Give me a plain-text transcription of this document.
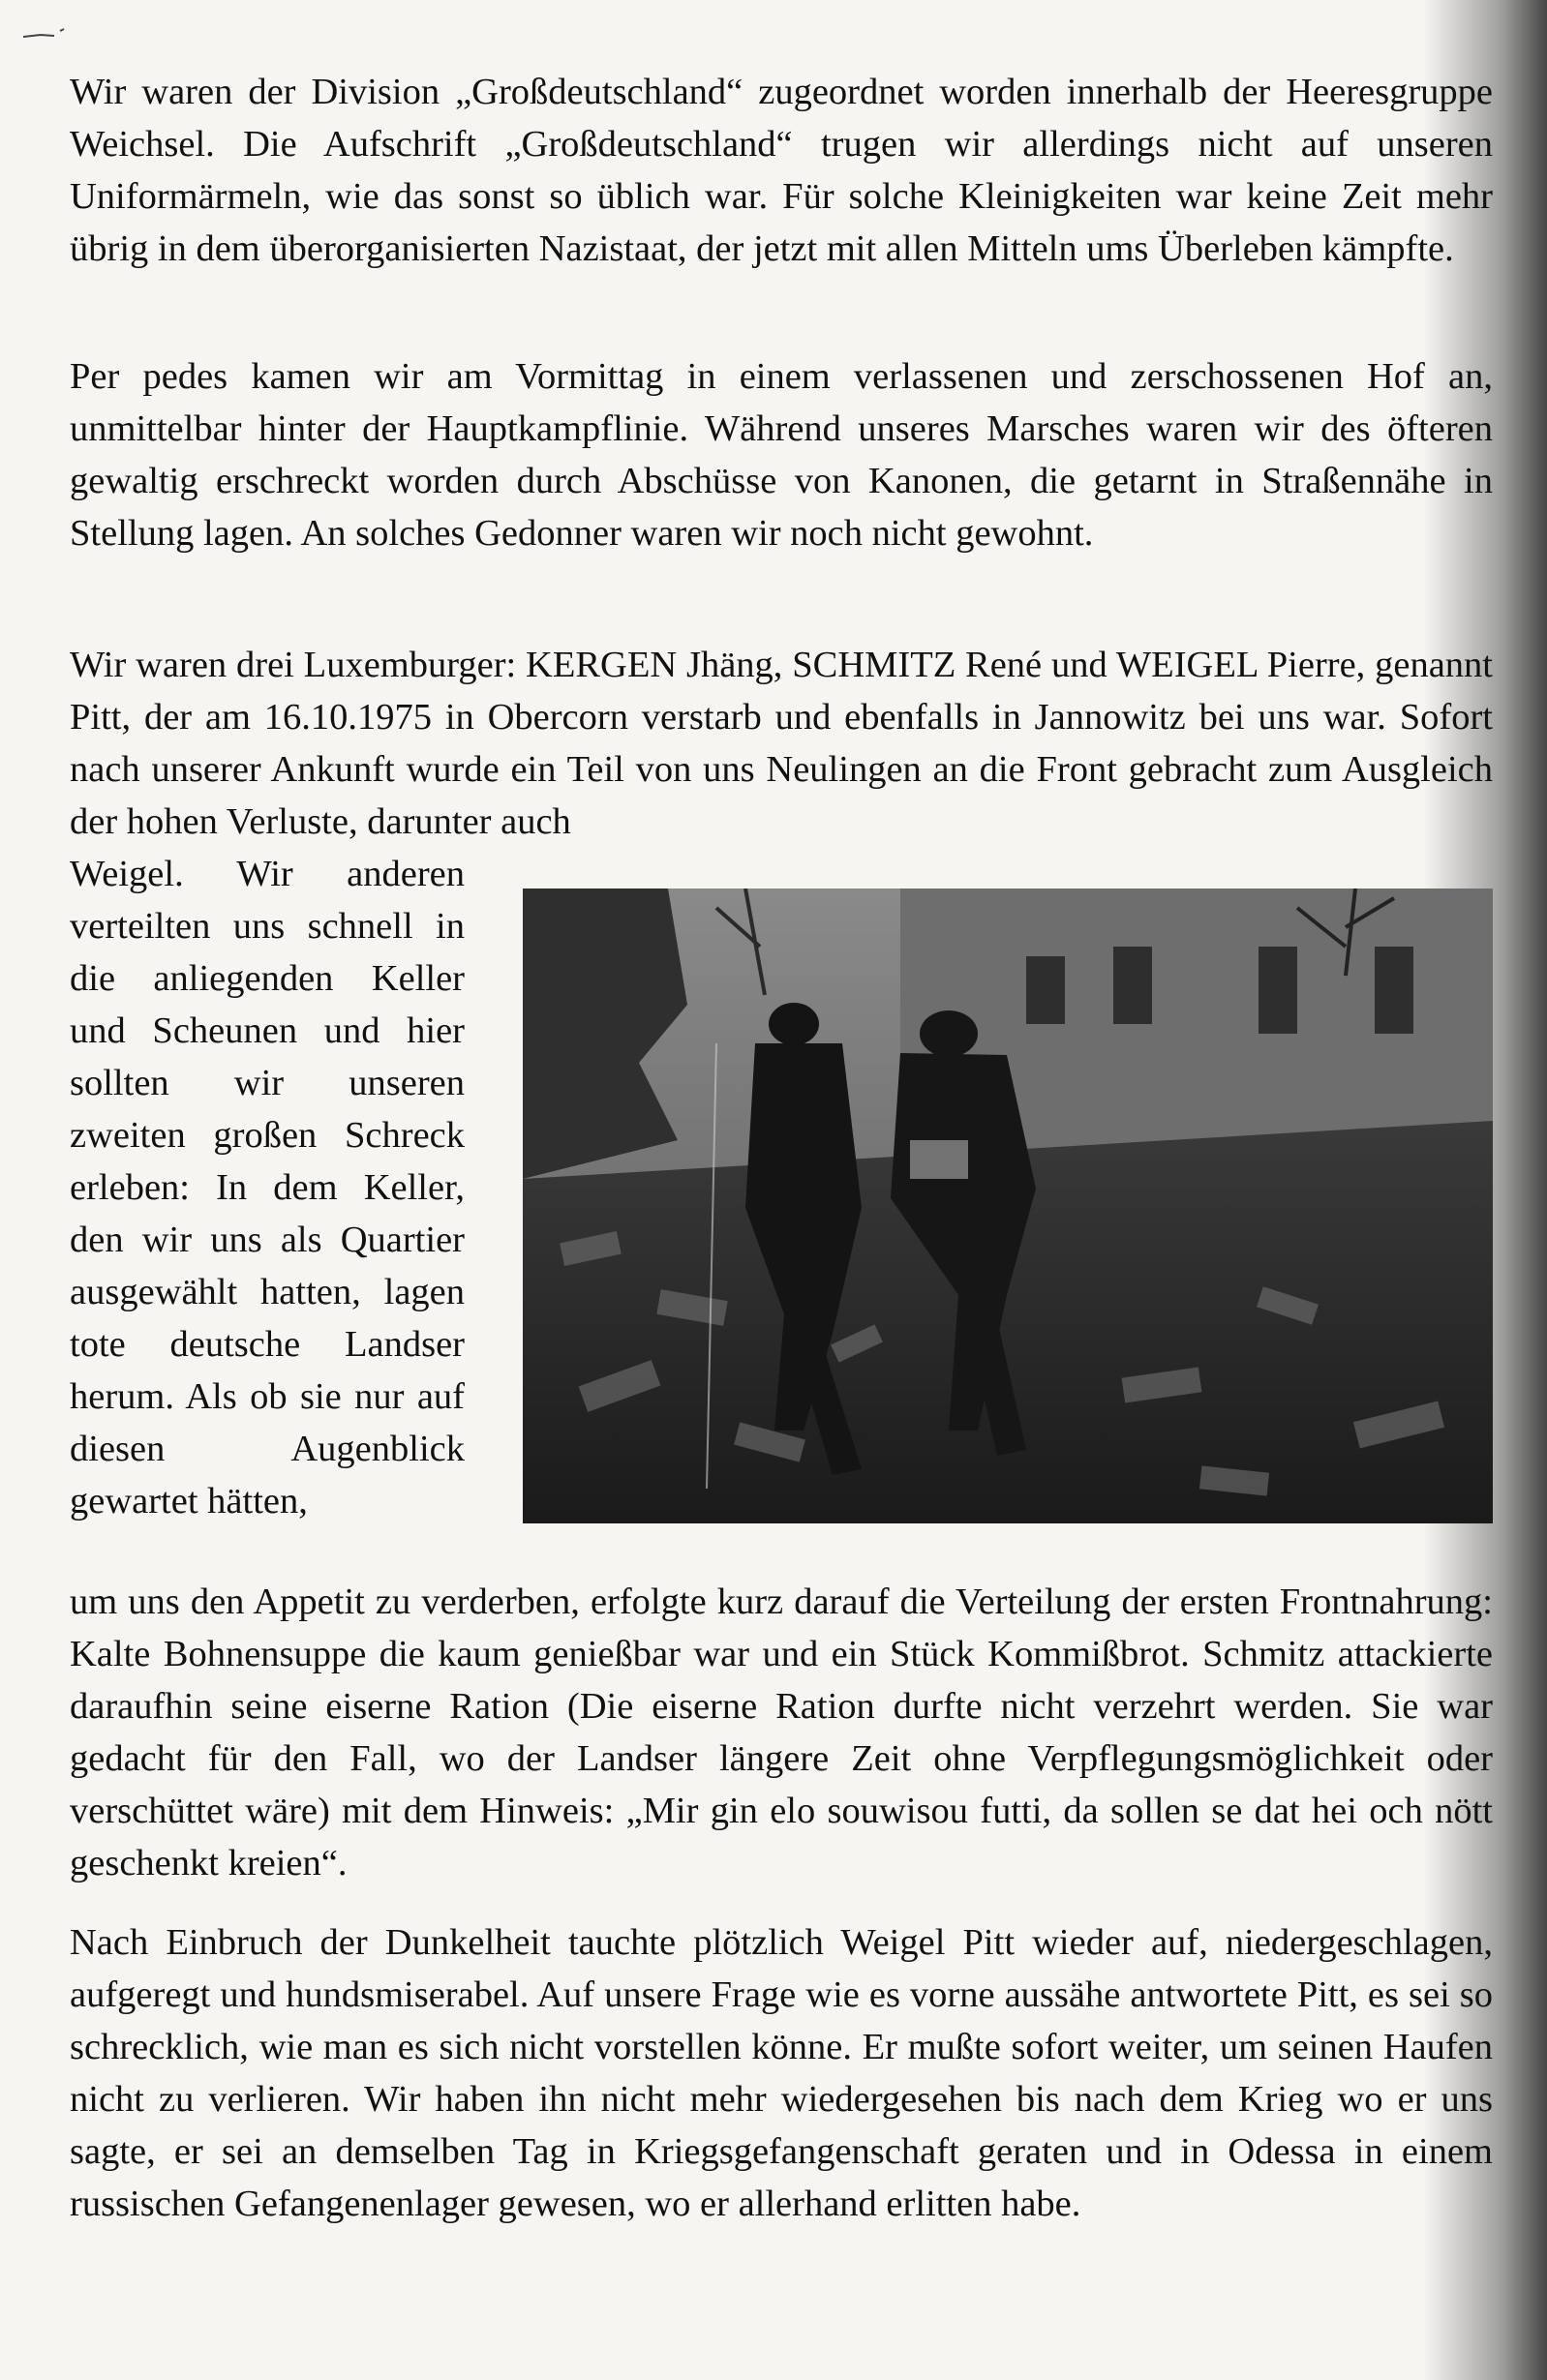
Wir waren der Division „Großdeutschland“ zugeordnet worden innerhalb der Heeresgruppe Weichsel. Die Aufschrift „Großdeutschland“ trugen wir allerdings nicht auf unseren Uniformärmeln, wie das sonst so üblich war. Für solche Kleinigkeiten war keine Zeit mehr übrig in dem überorganisierten Nazistaat, der jetzt mit allen Mitteln ums Überleben kämpfte.

Per pedes kamen wir am Vormittag in einem verlassenen und zerschossenen Hof an, unmittelbar hinter der Hauptkampflinie. Während unseres Marsches waren wir des öfteren gewaltig erschreckt worden durch Abschüsse von Kanonen, die getarnt in Straßennähe in Stellung lagen. An solches Gedonner waren wir noch nicht gewohnt.

Wir waren drei Luxemburger: KERGEN Jhäng, SCHMITZ René und WEIGEL Pierre, genannt Pitt, der am 16.10.1975 in Obercorn verstarb und ebenfalls in Jannowitz bei uns war. Sofort nach unserer Ankunft wurde ein Teil von uns Neulingen an die Front gebracht zum Ausgleich der hohen Verluste, darunter auch

Weigel. Wir anderen verteilten uns schnell in die anliegenden Keller und Scheunen und hier sollten wir unseren zweiten großen Schreck erleben: In dem Keller, den wir uns als Quartier ausgewählt hatten, lagen tote deutsche Landser herum. Als ob sie nur auf diesen Augenblick gewartet hätten,

um uns den Appetit zu verderben, erfolgte kurz darauf die Verteilung der ersten Frontnahrung: Kalte Bohnensuppe die kaum genießbar war und ein Stück Kommißbrot. Schmitz attackierte daraufhin seine eiserne Ration (Die eiserne Ration durfte nicht verzehrt werden. Sie war gedacht für den Fall, wo der Landser längere Zeit ohne Verpflegungsmöglichkeit oder verschüttet wäre) mit dem Hinweis: „Mir gin elo souwisou futti, da sollen se dat hei och nött geschenkt kreien“.

Nach Einbruch der Dunkelheit tauchte plötzlich Weigel Pitt wieder auf, niedergeschlagen, aufgeregt und hundsmiserabel. Auf unsere Frage wie es vorne aussähe antwortete Pitt, es sei so schrecklich, wie man es sich nicht vorstellen könne. Er mußte sofort weiter, um seinen Haufen nicht zu verlieren. Wir haben ihn nicht mehr wiedergesehen bis nach dem Krieg wo er uns sagte, er sei an demselben Tag in Kriegsgefangenschaft geraten und in Odessa in einem russischen Gefangenenlager gewesen, wo er allerhand erlitten habe.
